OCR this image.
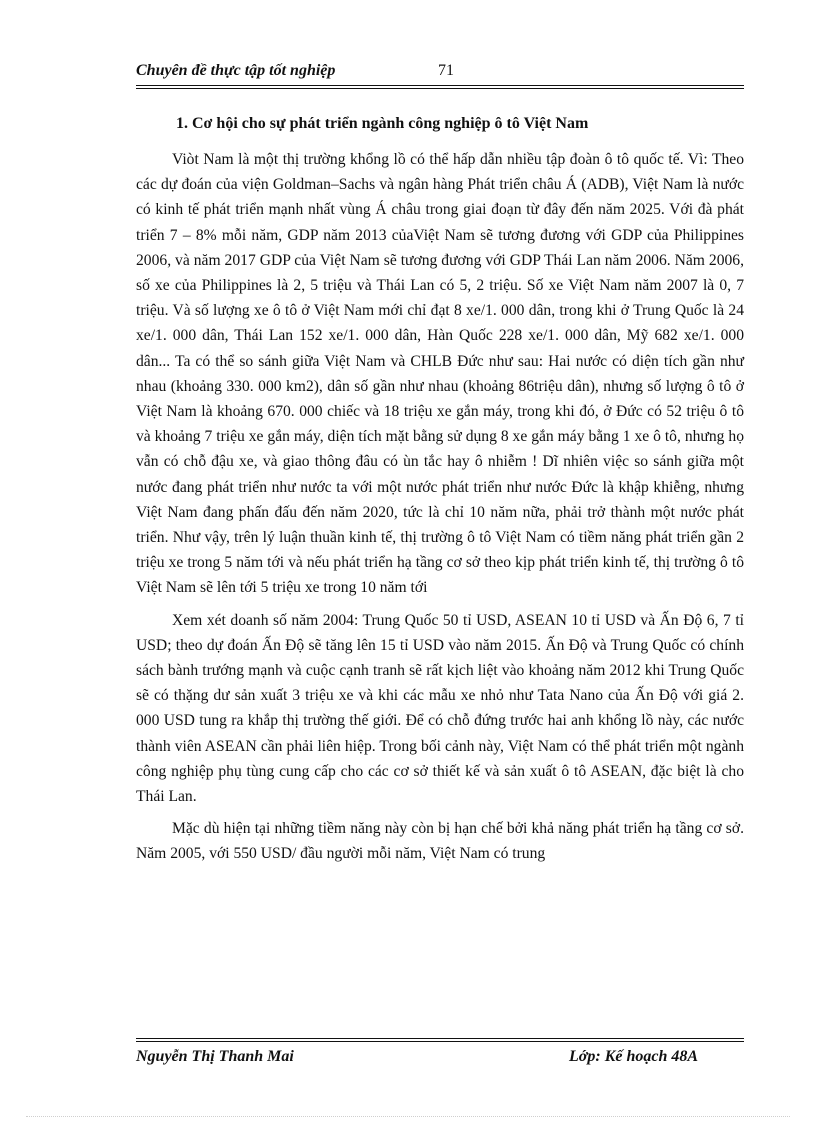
Chuyên đề thực tập tốt nghiệp	71
1. Cơ hội cho sự phát triển ngành công nghiệp ô tô Việt Nam

Viòt Nam là một thị trường khổng lồ có thể hấp dẫn nhiều tập đoàn ô tô quốc tế. Vì: Theo các dự đoán của viện Goldman–Sachs và ngân hàng Phát triển châu Á (ADB), Việt Nam là nước có kinh tế phát triển mạnh nhất vùng Á châu trong giai đoạn từ đây đến năm 2025. Với đà phát triển 7 – 8% mỗi năm, GDP năm 2013 củaViệt Nam sẽ tương đương với GDP của Philippines 2006, và năm 2017 GDP của Việt Nam sẽ tương đương với GDP Thái Lan năm 2006. Năm 2006, số xe của Philippines là 2, 5 triệu và Thái Lan có 5, 2 triệu. Số xe Việt Nam năm 2007 là 0, 7 triệu. Và số lượng xe ô tô ở Việt Nam mới chỉ đạt 8 xe/1. 000 dân, trong khi ở Trung Quốc là 24 xe/1. 000 dân, Thái Lan 152 xe/1. 000 dân, Hàn Quốc 228 xe/1. 000 dân, Mỹ 682 xe/1. 000 dân... Ta có thể so sánh giữa Việt Nam và CHLB Đức như sau: Hai nước có diện tích gần như nhau (khoảng 330. 000 km2), dân số gần như nhau (khoảng 86triệu dân), nhưng số lượng ô tô ở Việt Nam là khoảng 670. 000 chiếc và 18 triệu xe gắn máy, trong khi đó, ở Đức có 52 triệu ô tô và khoảng 7 triệu xe gắn máy, diện tích mặt bằng sử dụng 8 xe gắn máy bằng 1 xe ô tô, nhưng họ vẫn có chỗ đậu xe, và giao thông đâu có ùn tắc hay ô nhiễm ! Dĩ nhiên việc so sánh giữa một nước đang phát triển như nước ta với một nước phát triển như nước Đức là khập khiễng, nhưng Việt Nam đang phấn đấu đến năm 2020, tức là chỉ 10 năm nữa, phải trở thành một nước phát triển. Như vậy, trên lý luận thuần kinh tế, thị trường ô tô Việt Nam có tiềm năng phát triển gần 2 triệu xe trong 5 năm tới và nếu phát triển hạ tầng cơ sở theo kịp phát triển kinh tế, thị trường ô tô Việt Nam sẽ lên tới 5 triệu xe trong 10 năm tới

Xem xét doanh số năm 2004: Trung Quốc 50 tỉ USD, ASEAN 10 tỉ USD và Ấn Độ 6, 7 tỉ USD; theo dự đoán Ấn Độ sẽ tăng lên 15 tỉ USD vào năm 2015. Ấn Độ và Trung Quốc có chính sách bành trướng mạnh và cuộc cạnh tranh sẽ rất kịch liệt vào khoảng năm 2012 khi Trung Quốc sẽ có thặng dư sản xuất 3 triệu xe và khi các mẫu xe nhỏ như Tata Nano của Ấn Độ với giá 2. 000 USD tung ra khắp thị trường thế giới. Để có chỗ đứng trước hai anh khổng lồ này, các nước thành viên ASEAN cần phải liên hiệp. Trong bối cảnh này, Việt Nam có thể phát triển một ngành công nghiệp phụ tùng cung cấp cho các cơ sở thiết kế và sản xuất ô tô ASEAN, đặc biệt là cho Thái Lan.

Mặc dù hiện tại những tiềm năng này còn bị hạn chế bởi khả năng phát triển hạ tầng cơ sở. Năm 2005, với 550 USD/ đầu người mỗi năm, Việt Nam có trung

Nguyễn Thị Thanh Mai	Lớp: Kế hoạch 48A
